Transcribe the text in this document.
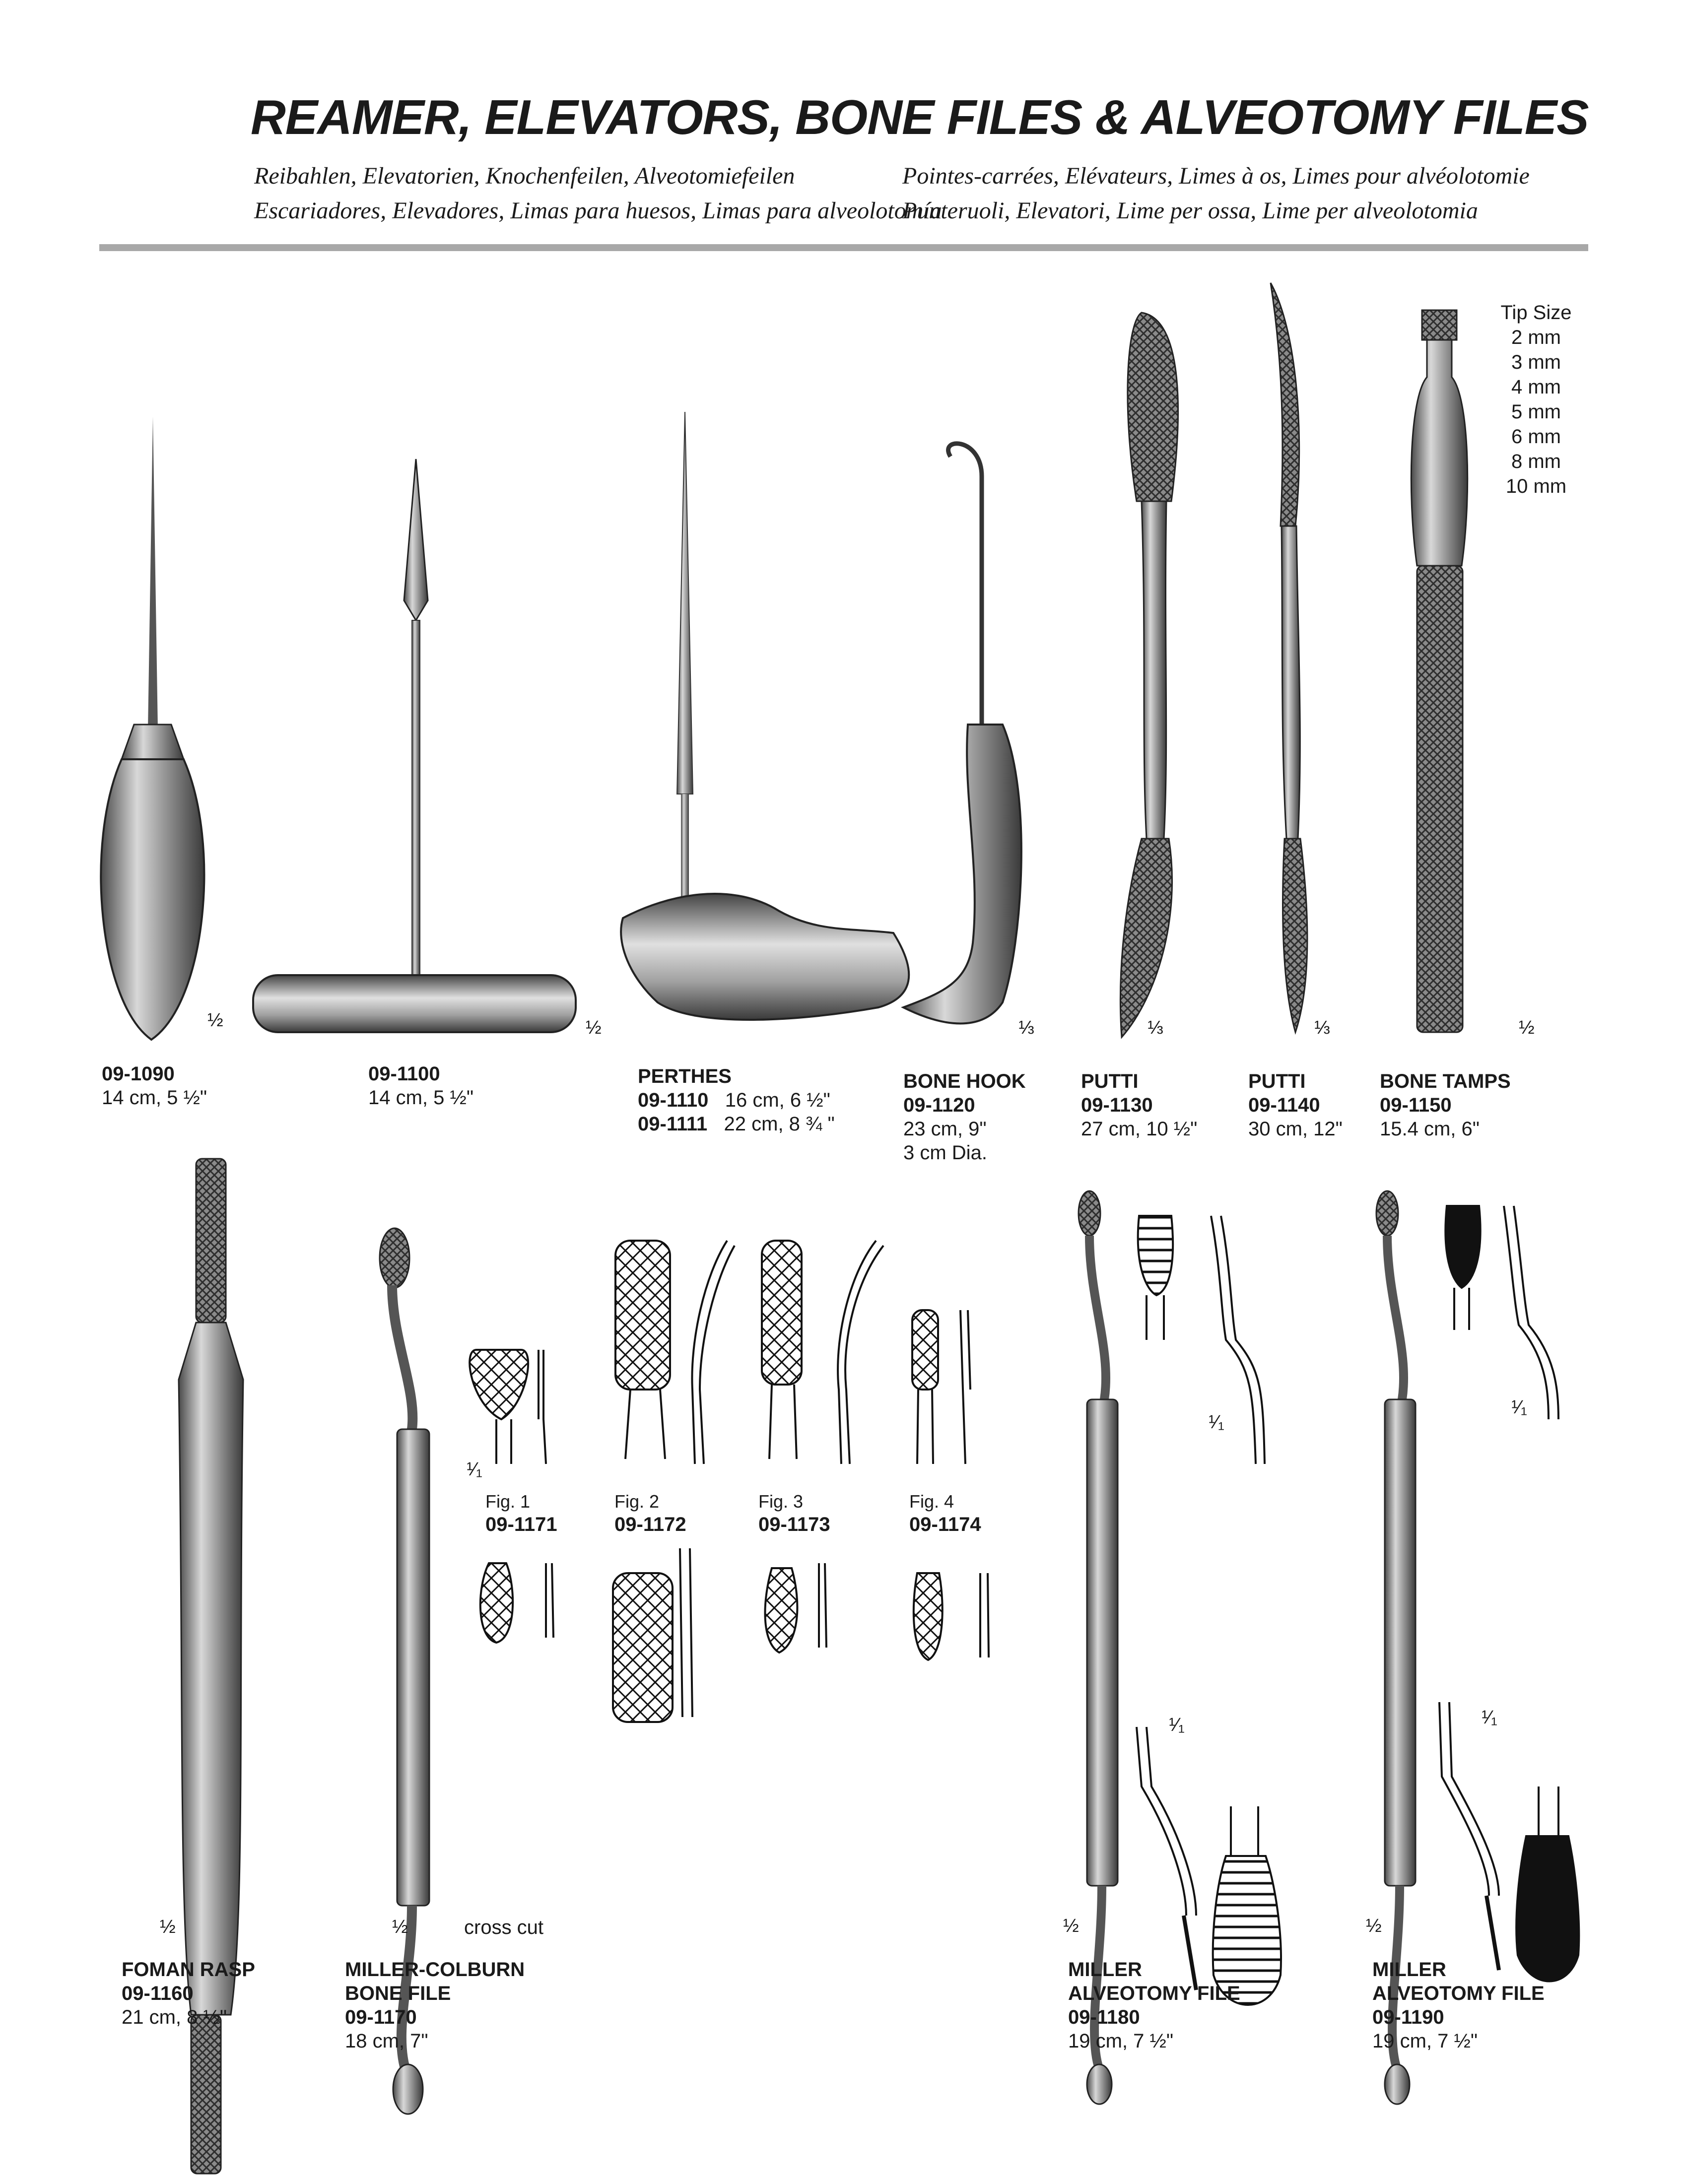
REAMER, ELEVATORS, BONE FILES & ALVEOTOMY FILES
Reibahlen, Elevatorien, Knochenfeilen, Alveotomiefeilen
Escariadores, Elevadores, Limas para huesos, Limas para alveolotomía
Pointes-carrées, Elévateurs, Limes à os, Limes pour alvéolotomie
Punteruoli, Elevatori, Lime per ossa, Lime per alveolotomia
Tip Size
2 mm
3 mm
4 mm
5 mm
6 mm
8 mm
10 mm
½	½	⅓	⅓	⅓	½
09-1090
14 cm, 5 ½"
09-1100
14 cm, 5 ½"
PERTHES
09-1110 16 cm, 6 ½"
09-1111 22 cm, 8 ¾ "
BONE HOOK
09-1120
23 cm, 9"
3 cm Dia.
PUTTI
09-1130
27 cm, 10 ½"
PUTTI
09-1140
30 cm, 12"
BONE TAMPS
09-1150
15.4 cm, 6"
¹⁄₁
Fig. 1
09-1171
Fig. 2
09-1172
Fig. 3
09-1173
Fig. 4
09-1174
¹⁄₁
¹⁄₁
¹⁄₁
¹⁄₁
½	½	cross cut	½	½
FOMAN RASP
09-1160
21 cm, 8 ½"
MILLER-COLBURN
BONE FILE
09-1170
18 cm, 7"
MILLER
ALVEOTOMY FILE
09-1180
19 cm, 7 ½"
MILLER
ALVEOTOMY FILE
09-1190
19 cm, 7 ½"
